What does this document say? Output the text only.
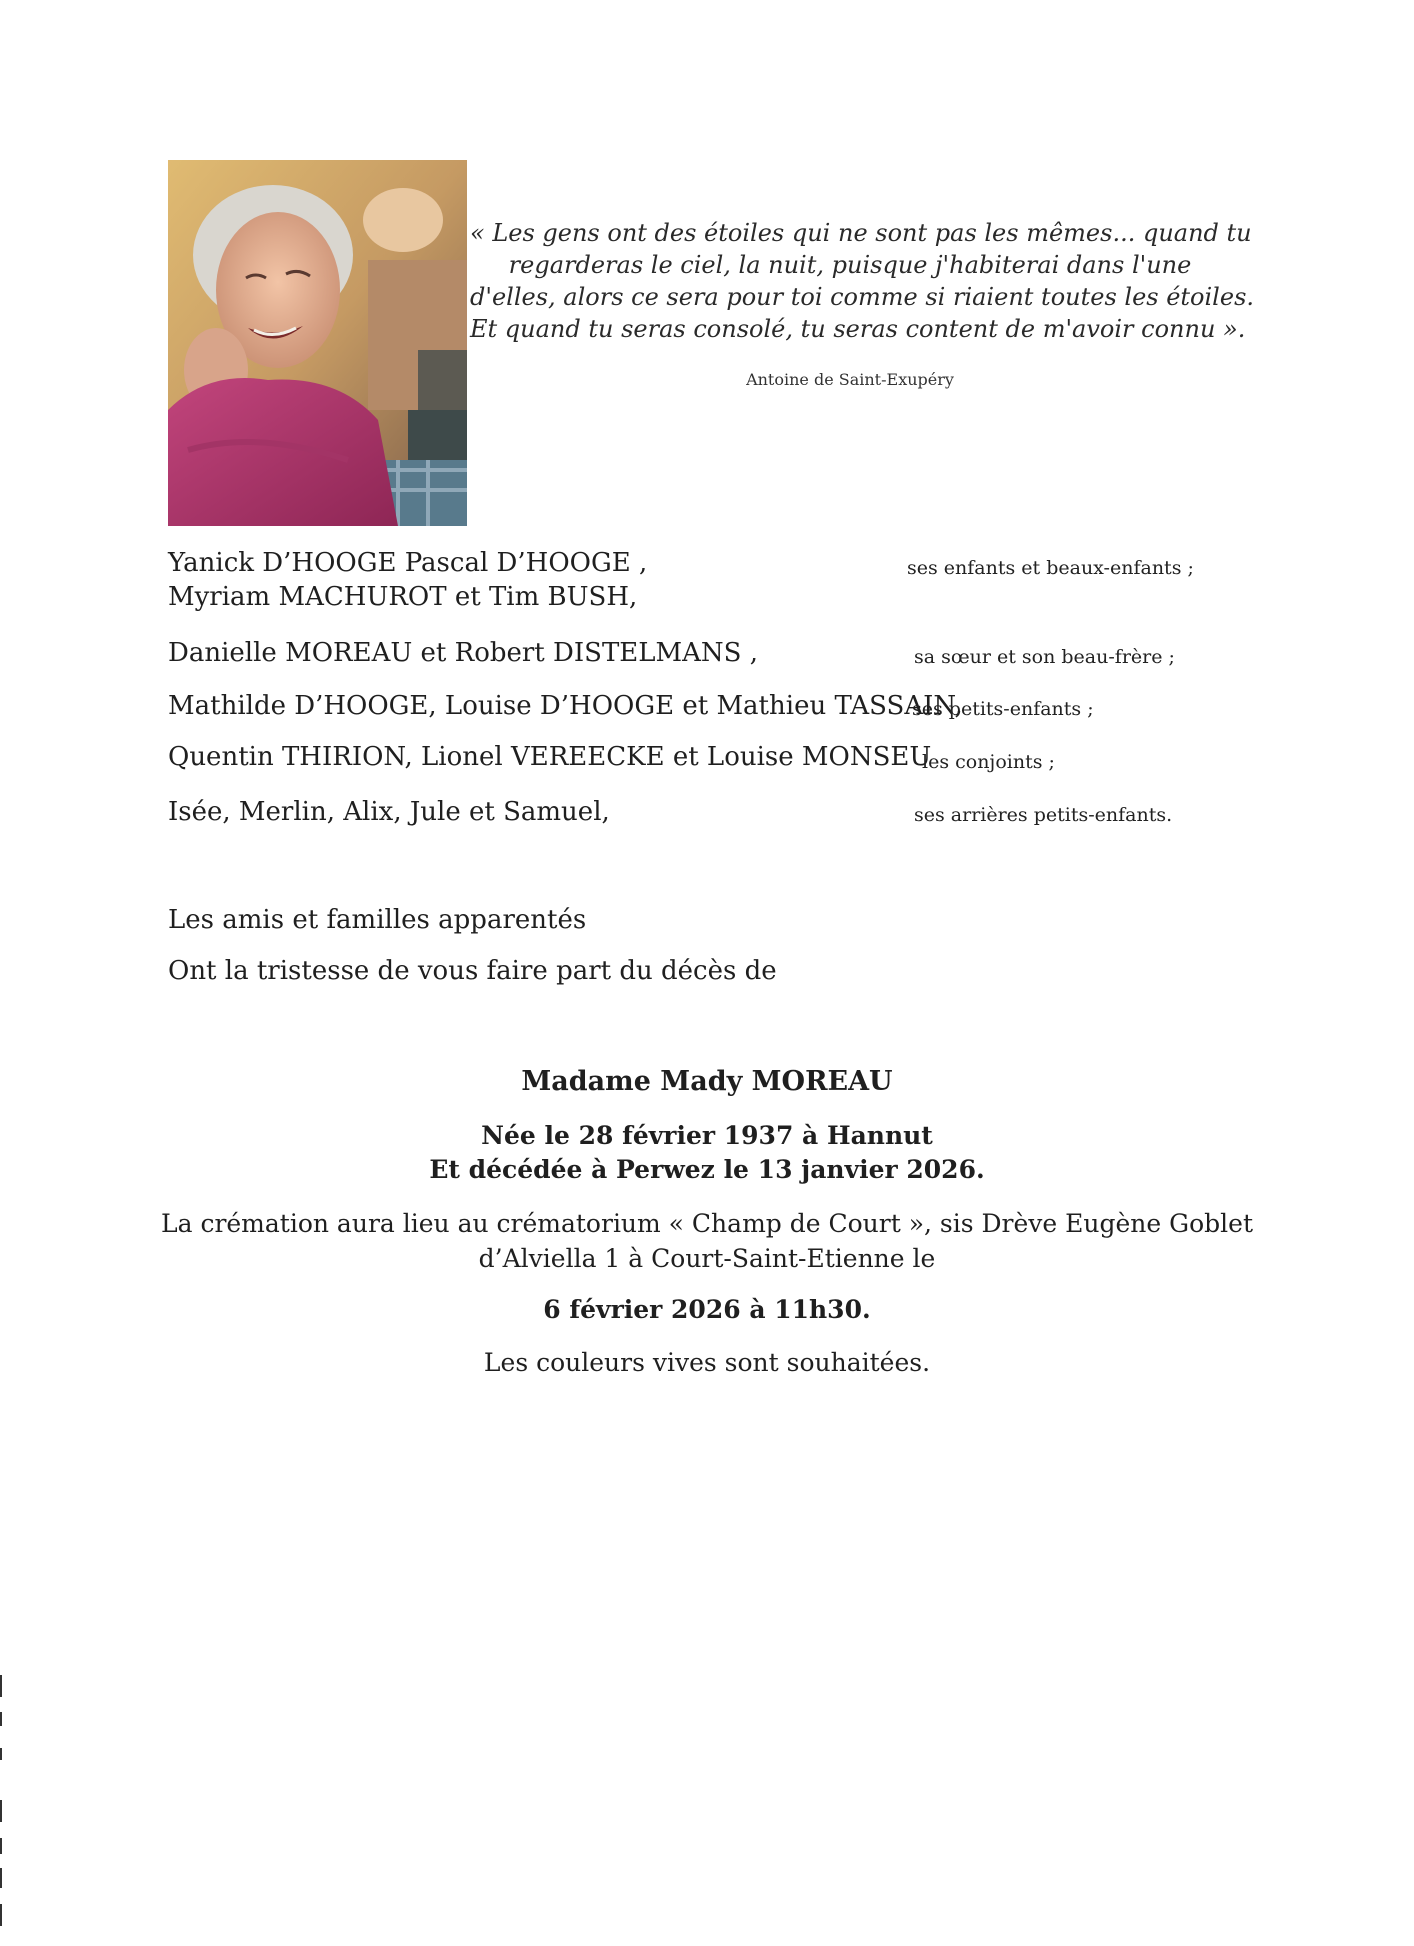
« Les gens ont des étoiles qui ne sont pas les mêmes... quand tu
regarderas le ciel, la nuit, puisque j'habiterai dans l'une
d'elles, alors ce sera pour toi comme si riaient toutes les étoiles.
Et quand tu seras consolé, tu seras content de m'avoir connu ».
Antoine de Saint-Exupéry
Yanick D’HOOGE Pascal D’HOOGE ,
Myriam MACHUROT et Tim BUSH,
ses enfants et beaux-enfants ;
Danielle MOREAU et Robert DISTELMANS ,	sa sœur et son beau-frère ;
Mathilde D’HOOGE, Louise D’HOOGE et Mathieu TASSAIN,
ses petits-enfants ;
Quentin THIRION, Lionel VEREECKE et Louise MONSEU
les conjoints ;
Isée, Merlin, Alix, Jule et Samuel,	ses arrières petits-enfants.
Les amis et familles apparentés
Ont la tristesse de vous faire part du décès de
Madame Mady MOREAU
Née le 28 février 1937 à Hannut
Et décédée à Perwez le 13 janvier 2026.
La crémation aura lieu au crématorium « Champ de Court », sis Drève Eugène Goblet
d’Alviella 1 à Court-Saint-Etienne le
6 février 2026 à 11h30.
Les couleurs vives sont souhaitées.
